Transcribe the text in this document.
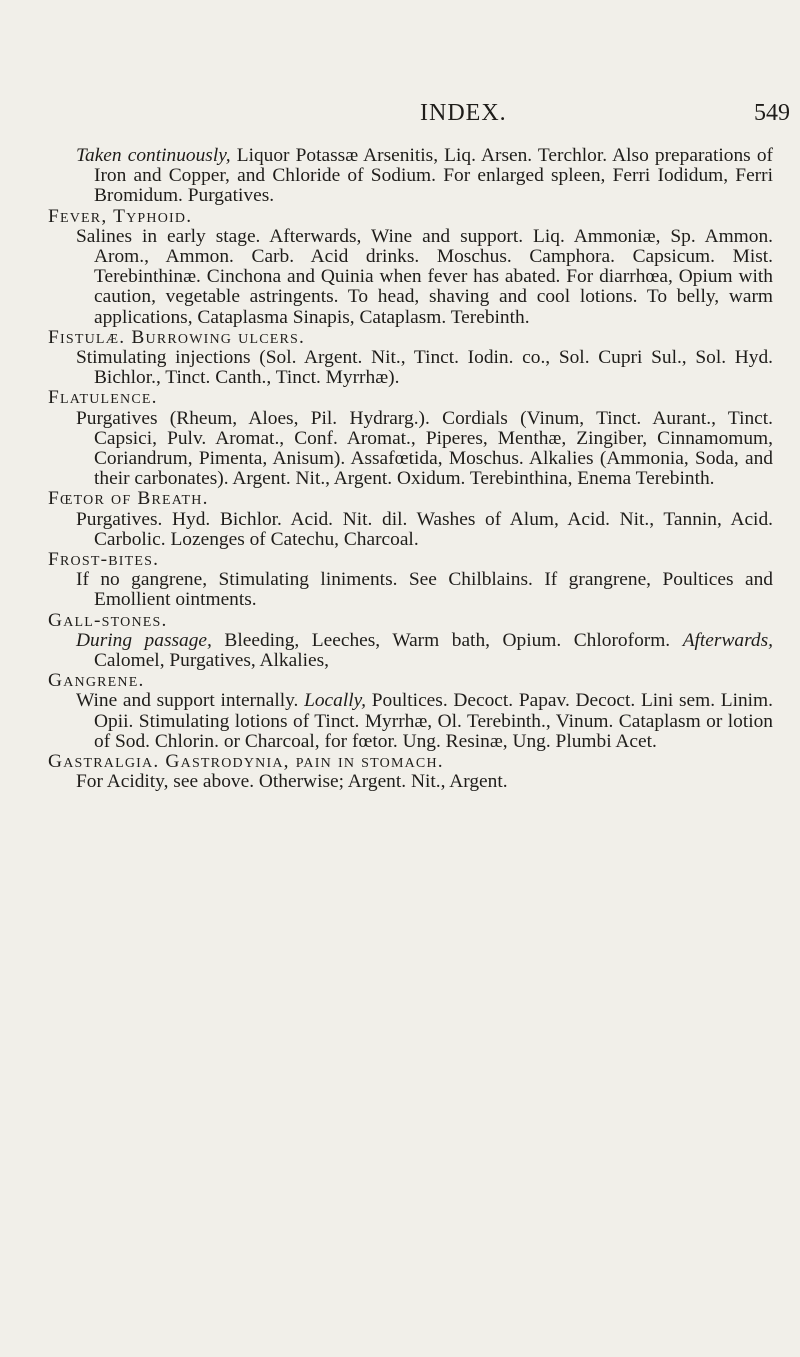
INDEX.	549

Taken continuously, Liquor Potassæ Arsenitis, Liq. Arsen. Terchlor. Also preparations of Iron and Copper, and Chloride of Sodium. For enlarged spleen, Ferri Iodidum, Ferri Bromidum. Purgatives.

Fever, Typhoid.

Salines in early stage. Afterwards, Wine and support. Liq. Ammoniæ, Sp. Ammon. Arom., Ammon. Carb. Acid drinks. Moschus. Camphora. Capsicum. Mist. Terebinthinæ. Cinchona and Quinia when fever has abated. For diarrhœa, Opium with caution, vegetable astringents. To head, shaving and cool lotions. To belly, warm applications, Cataplasma Sinapis, Cataplasm. Terebinth.

Fistulæ. Burrowing ulcers.

Stimulating injections (Sol. Argent. Nit., Tinct. Iodin. co., Sol. Cupri Sul., Sol. Hyd. Bichlor., Tinct. Canth., Tinct. Myrrhæ).

Flatulence.

Purgatives (Rheum, Aloes, Pil. Hydrarg.). Cordials (Vinum, Tinct. Aurant., Tinct. Capsici, Pulv. Aromat., Conf. Aromat., Piperes, Menthæ, Zingiber, Cinnamomum, Coriandrum, Pimenta, Anisum). Assafœtida, Moschus. Alkalies (Ammonia, Soda, and their carbonates). Argent. Nit., Argent. Oxidum. Terebinthina, Enema Terebinth.

Fœtor of Breath.

Purgatives. Hyd. Bichlor. Acid. Nit. dil. Washes of Alum, Acid. Nit., Tannin, Acid. Carbolic. Lozenges of Catechu, Charcoal.

Frost-bites.

If no gangrene, Stimulating liniments. See Chilblains. If grangrene, Poultices and Emollient ointments.

Gall-stones.

During passage, Bleeding, Leeches, Warm bath, Opium. Chloroform. Afterwards, Calomel, Purgatives, Alkalies,

Gangrene.

Wine and support internally. Locally, Poultices. Decoct. Papav. Decoct. Lini sem. Linim. Opii. Stimulating lotions of Tinct. Myrrhæ, Ol. Terebinth., Vinum. Cataplasm or lotion of Sod. Chlorin. or Charcoal, for fœtor. Ung. Resinæ, Ung. Plumbi Acet.

Gastralgia. Gastrodynia, pain in stomach.

For Acidity, see above. Otherwise; Argent. Nit., Argent.
